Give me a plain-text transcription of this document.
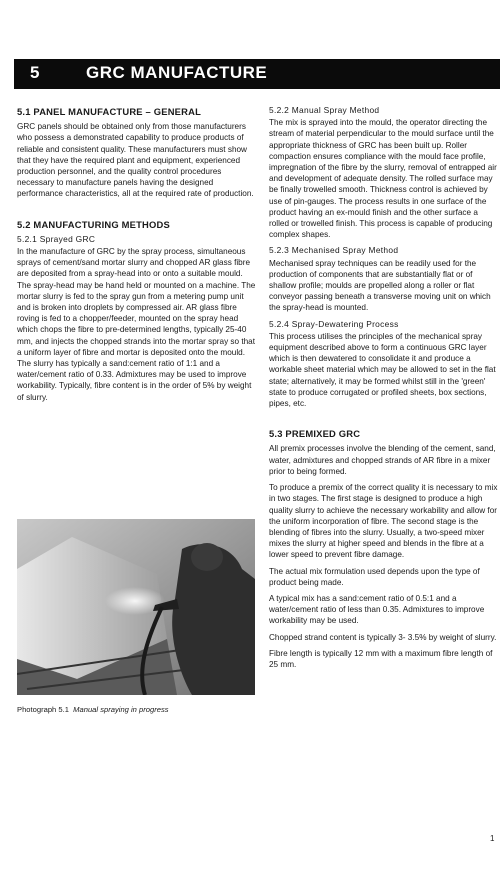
5	GRC MANUFACTURE
5.1 PANEL MANUFACTURE – GENERAL

GRC panels should be obtained only from those manufacturers who possess a demonstrated capability to produce products of reliable and consistent quality. These manufacturers must show that they have the required plant and equipment, experienced production personnel, and the quality control procedures necessary to manufacture panels having the designed performance characteristics, all at the required rate of production.

5.2 MANUFACTURING METHODS
5.2.1 Sprayed GRC

In the manufacture of GRC by the spray process, simultaneous sprays of cement/sand mortar slurry and chopped AR glass fibre are deposited from a spray-head into or onto a suitable mould. The spray-head may be hand held or mounted on a machine. The mortar slurry is fed to the spray gun from a metering pump unit and is broken into droplets by compressed air. AR glass fibre roving is fed to a chopper/feeder, mounted on the spray head which chops the fibre to pre-determined lengths, typically 25-40 mm, and injects the chopped strands into the mortar spray so that a uniform layer of fibre and mortar is deposited onto the mould. The slurry has typically a sand:cement ratio of 1:1 and a water/cement ratio of 0.33. Admixtures may be used to improve workability. Typically, fibre content is in the order of 5% by weight of slurry.

Photograph 5.1 Manual spraying in progress
5.2.2 Manual Spray Method

The mix is sprayed into the mould, the operator directing the stream of material perpendicular to the mould surface until the appropriate thickness of GRC has been built up. Roller compaction ensures compliance with the mould face profile, impregnation of the fibre by the slurry, removal of entrapped air and development of adequate density. The rolled surface may be finally trowelled smooth. Thickness control is achieved by use of pin-gauges. The process results in one surface of the product having an ex-mould finish and the other surface a rolled or trowelled finish. This process is capable of producing complex shapes.

5.2.3 Mechanised Spray Method

Mechanised spray techniques can be readily used for the production of components that are substantially flat or of shallow profile; moulds are propelled along a roller or flat conveyor passing beneath a transverse moving unit on which the spray-head is mounted.

5.2.4 Spray-Dewatering Process

This process utilises the principles of the mechanical spray equipment described above to form a continuous GRC layer which is then dewatered to consolidate it and produce a workable sheet material which may be allowed to set in the flat state; alternatively, it may be formed whilst still in the 'green' state to produce corrugated or profiled sheets, box sections, pipes, etc.

5.3 PREMIXED GRC

All premix processes involve the blending of the cement, sand, water, admixtures and chopped strands of AR fibre in a mixer prior to being formed.

To produce a premix of the correct quality it is necessary to mix in two stages. The first stage is designed to produce a high quality slurry to achieve the necessary workability and allow for the uniform incorporation of fibre. The second stage is the blending of fibres into the slurry. Usually, a two-speed mixer mixes the slurry at higher speed and blends in the fibre at a lower speed to prevent fibre damage.

The actual mix formulation used depends upon the type of product being made.

A typical mix has a sand:cement ratio of 0.5:1 and a water/cement ratio of less than 0.35. Admixtures to improve workability may be used.

Chopped strand content is typically 3- 3.5% by weight of slurry.

Fibre length is typically 12 mm with a maximum fibre length of 25 mm.

1
